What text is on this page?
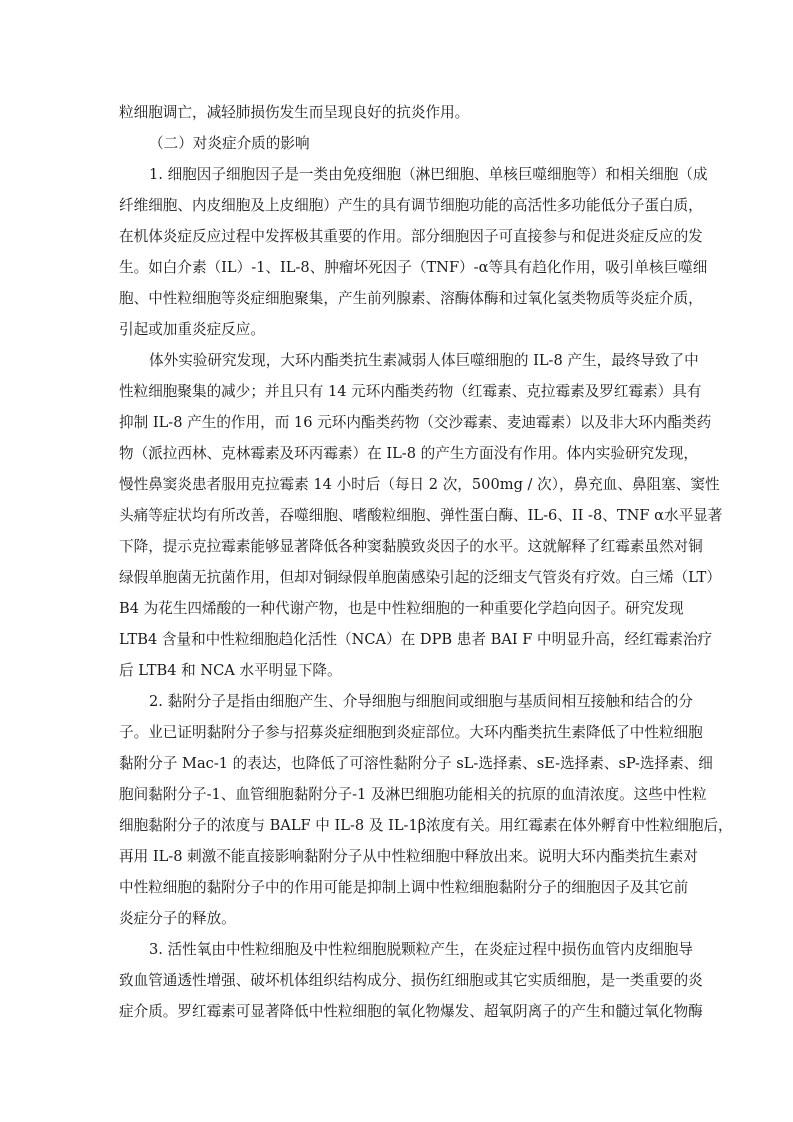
粒细胞调亡，减轻肺损伤发生而呈现良好的抗炎作用。
（二）对炎症介质的影响
1. 细胞因子细胞因子是一类由免疫细胞（淋巴细胞、单核巨噬细胞等）和相关细胞（成
纤维细胞、内皮细胞及上皮细胞）产生的具有调节细胞功能的高活性多功能低分子蛋白质，
在机体炎症反应过程中发挥极其重要的作用。部分细胞因子可直接参与和促进炎症反应的发
生。如白介素（IL）-1、IL-8、肿瘤坏死因子（TNF）-α等具有趋化作用，吸引单核巨噬细
胞、中性粒细胞等炎症细胞聚集，产生前列腺素、溶酶体酶和过氧化氢类物质等炎症介质，
引起或加重炎症反应。
体外实验研究发现，大环内酯类抗生素减弱人体巨噬细胞的 IL-8 产生，最终导致了中
性粒细胞聚集的减少；并且只有 14 元环内酯类药物（红霉素、克拉霉素及罗红霉素）具有
抑制 IL-8 产生的作用，而 16 元环内酯类药物（交沙霉素、麦迪霉素）以及非大环内酯类药
物（派拉西林、克林霉素及环丙霉素）在 IL-8 的产生方面没有作用。体内实验研究发现，
慢性鼻窦炎患者服用克拉霉素 14 小时后（每日 2 次，500mg / 次），鼻充血、鼻阻塞、窦性
头痛等症状均有所改善，吞噬细胞、嗜酸粒细胞、弹性蛋白酶、IL-6、II -8、TNF α水平显著
下降，提示克拉霉素能够显著降低各种窦黏膜致炎因子的水平。这就解释了红霉素虽然对铜
绿假单胞菌无抗菌作用，但却对铜绿假单胞菌感染引起的泛细支气管炎有疗效。白三烯（LT）
B4 为花生四烯酸的一种代谢产物，也是中性粒细胞的一种重要化学趋向因子。研究发现
LTB4 含量和中性粒细胞趋化活性（NCA）在 DPB 患者 BAI F 中明显升高，经红霉素治疗
后 LTB4 和 NCA 水平明显下降。
2. 黏附分子是指由细胞产生、介导细胞与细胞间或细胞与基质间相互接触和结合的分
子。业已证明黏附分子参与招募炎症细胞到炎症部位。大环内酯类抗生素降低了中性粒细胞
黏附分子 Mac-1 的表达，也降低了可溶性黏附分子 sL-选择素、sE-选择素、sP-选择素、细
胞间黏附分子-1、血管细胞黏附分子-1 及淋巴细胞功能相关的抗原的血清浓度。这些中性粒
细胞黏附分子的浓度与 BALF 中 IL-8 及 IL-1β浓度有关。用红霉素在体外孵育中性粒细胞后，
再用 IL-8 刺激不能直接影响黏附分子从中性粒细胞中释放出来。说明大环内酯类抗生素对
中性粒细胞的黏附分子中的作用可能是抑制上调中性粒细胞黏附分子的细胞因子及其它前
炎症分子的释放。
3. 活性氧由中性粒细胞及中性粒细胞脱颗粒产生，在炎症过程中损伤血管内皮细胞导
致血管通透性增强、破坏机体组织结构成分、损伤红细胞或其它实质细胞，是一类重要的炎
症介质。罗红霉素可显著降低中性粒细胞的氧化物爆发、超氧阴离子的产生和髓过氧化物酶
